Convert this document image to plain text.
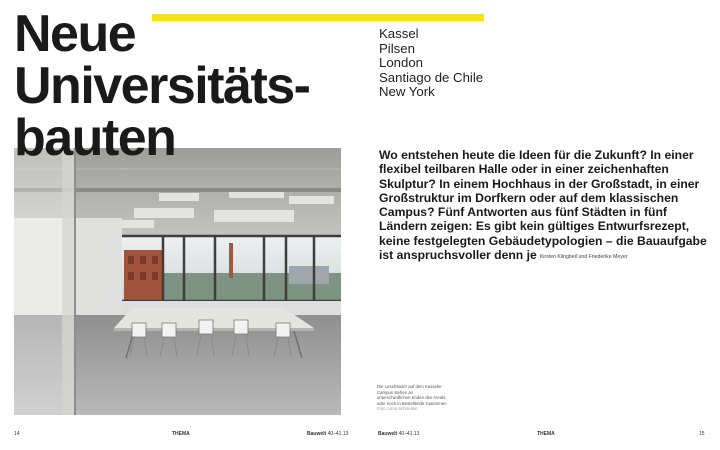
Neue
Universitäts-
bauten
Kassel
Pilsen
London
Santiago de Chile
New York
Wo entstehen heute die Ideen für die Zukunft? In einer flexibel teilbaren Halle oder in einer zeichenhaften Skulptur? In einem Hochhaus in der Großstadt, in einer Großstruktur im Dorfkern oder auf dem klassischen Campus? Fünf Antworten aus fünf Städten in fünf Ländern zeigen: Es gibt kein gültiges Entwurfsrezept, keine festgelegten Gebäudetypologien – die Bauaufgabe ist anspruchsvoller denn je Kirsten Klingbeil und Friederike Meyer
Die Lesehäuser auf dem Kasseler Campus stehen an unterschiedlichen Enden des Areals, oder noch in Bestellende zusammen
Foto: Ursa Schmulen
14	THEMA	Bauwelt 40–41.13	Bauwelt 40–41.13	THEMA	15
